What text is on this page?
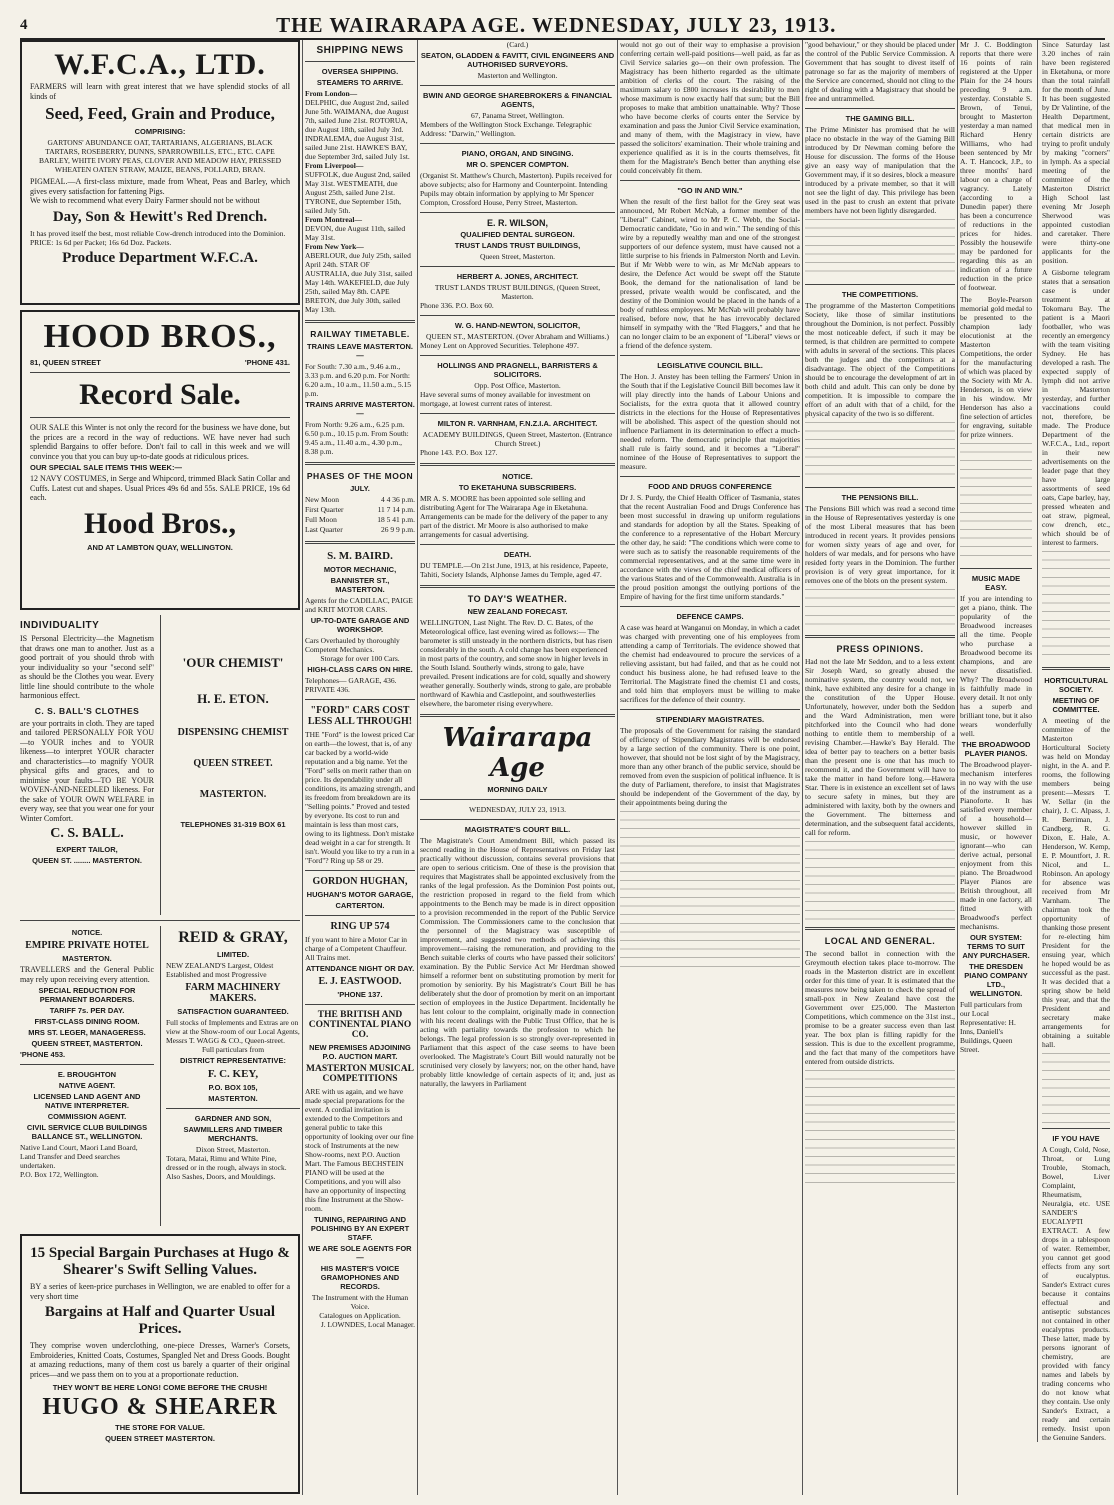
4	THE WAIRARAPA AGE. WEDNESDAY, JULY 23, 1913.
W.F.C.A., LTD.
FARMERS will learn with great interest that we have splendid stocks of all kinds of
Seed, Feed, Grain and Produce,
COMPRISING:
GARTONS' ABUNDANCE OAT, TARTARIANS, ALGERIANS, BLACK TARTARS, ROSEBERRY, DUNNS, SPARROWBILLS, ETC., ETC. CAPE BARLEY, WHITE IVORY PEAS, CLOVER AND MEADOW HAY, PRESSED WHEATEN OATEN STRAW, MAIZE, BEANS, POLLARD, BRAN.
PIGMEAL.—A first-class mixture, made from Wheat, Peas and Barley, which gives every satisfaction for fattening Pigs.
We wish to recommend what every Dairy Farmer should not be without
Day, Son & Hewitt's Red Drench.
It has proved itself the best, most reliable Cow-drench introduced into the Dominion. PRICE: 1s 6d per Packet; 16s 6d Doz. Packets.
Produce Department W.F.C.A.
HOOD BROS.,
81, QUEEN STREET	'PHONE 431.
Record Sale.
OUR SALE this Winter is not only the record for the business we have done, but the prices are a record in the way of reductions. WE have never had such splendid Bargains to offer before. Don't fail to call in this week and we will convince you that you can buy up-to-date goods at ridiculous prices.
OUR SPECIAL SALE ITEMS THIS WEEK:—
12 NAVY COSTUMES, in Serge and Whipcord, trimmed Black Satin Collar and Cuffs. Latest cut and shapes. Usual Prices 49s 6d and 55s. SALE PRICE, 19s 6d each.
Hood Bros.,
AND AT LAMBTON QUAY, WELLINGTON.
INDIVIDUALITY
IS Personal Electricity—the Magnetism that draws one man to another. Just as a good portrait of you should throb with your individuality so your "second self" as should be the Clothes you wear. Every little line should contribute to the whole harmonious effect.
C. S. BALL'S CLOTHES
are your portraits in cloth. They are taped and tailored PERSONALLY FOR YOU—to YOUR inches and to YOUR likeness—to interpret YOUR character and characteristics—to magnify YOUR physical gifts and graces, and to minimise your faults—TO BE YOUR WOVEN-AND-NEEDLED likeness. For the sake of YOUR OWN WELFARE in every way, see that you wear one for your Winter Comfort.
C. S. BALL.
EXPERT TAILOR,
QUEEN ST. ........ MASTERTON.
'OUR CHEMIST'
H. E. ETON.
DISPENSING CHEMIST
QUEEN STREET.
MASTERTON.
TELEPHONES 31-319 BOX 61
NOTICE.
EMPIRE PRIVATE HOTEL
MASTERTON.
TRAVELLERS and the General Public may rely upon receiving every attention.
SPECIAL REDUCTION FOR PERMANENT BOARDERS.
TARIFF 7s. PER DAY.
FIRST-CLASS DINING ROOM.
MRS ST. LEGER, MANAGERESS.
QUEEN STREET, MASTERTON.
'PHONE 453.
E. BROUGHTON
NATIVE AGENT.
LICENSED LAND AGENT AND NATIVE INTERPRETER.
COMMISSION AGENT.
CIVIL SERVICE CLUB BUILDINGS BALLANCE ST., WELLINGTON.
Native Land Court, Maori Land Board, Land Transfer and Deed searches undertaken.
P.O. Box 172, Wellington.
REID & GRAY,
LIMITED.
NEW ZEALAND'S Largest, Oldest Established and most Progressive
FARM MACHINERY MAKERS.
SATISFACTION GUARANTEED.
Full stocks of Implements and Extras are on view at the Show-room of our Local Agents, Messrs T. WAGG & CO., Queen-street.
Full particulars from
DISTRICT REPRESENTATIVE:
F. C. KEY,
P.O. BOX 105,
MASTERTON.
GARDNER AND SON,
SAWMILLERS AND TIMBER MERCHANTS.
Dixon Street, Masterton.
Totara, Matai, Rimu and White Pine, dressed or in the rough, always in stock. Also Sashes, Doors, and Mouldings.
15 Special Bargain Purchases at Hugo & Shearer's Swift Selling Values.
BY a series of keen-price purchases in Wellington, we are enabled to offer for a very short time
Bargains at Half and Quarter Usual Prices.
They comprise woven underclothing, one-piece Dresses, Warner's Corsets, Embroideries, Knitted Coats, Costumes, Spangled Net and Dress Goods. Bought at amazing reductions, many of them cost us barely a quarter of their original prices—and we pass them on to you at a proportionate reduction.
THEY WON'T BE HERE LONG! COME BEFORE THE CRUSH!
HUGO & SHEARER
THE STORE FOR VALUE.
QUEEN STREET MASTERTON.
SHIPPING NEWS
OVERSEA SHIPPING.
STEAMERS TO ARRIVE.
From London—
DELPHIC, due August 2nd, sailed June 5th. WAIMANA, due August 7th, sailed June 21st. ROTORUA, due August 18th, sailed July 3rd. INDRALEMA, due August 31st, sailed June 21st. HAWKE'S BAY, due September 3rd, sailed July 1st.
From Liverpool—
SUFFOLK, due August 2nd, sailed May 31st. WESTMEATH, due August 25th, sailed June 21st. TYRONE, due September 15th, sailed July 5th.
From Montreal—
DEVON, due August 11th, sailed May 31st.
From New York—
ABERLOUR, due July 25th, sailed April 24th. STAR OF AUSTRALIA, due July 31st, sailed May 14th. WAKEFIELD, due July 25th, sailed May 8th. CAPE BRETON, due July 30th, sailed May 13th.
RAILWAY TIMETABLE.
TRAINS LEAVE MASTERTON.—
For South: 7.30 a.m., 9.46 a.m., 3.33 p.m. and 6.20 p.m. For North: 6.20 a.m., 10 a.m., 11.50 a.m., 5.15 p.m.
TRAINS ARRIVE MASTERTON.—
From North: 9.26 a.m., 6.25 p.m. 6.50 p.m., 10.15 p.m. From South: 9.45 a.m., 11.40 a.m., 4.30 p.m., 8.38 p.m.
PHASES OF THE MOON
JULY.
New Moon	4 4 36 p.m.
First Quarter	11 7 14 p.m.
Full Moon	18 5 41 p.m.
Last Quarter	26 9 9 p.m.
S. M. BAIRD.
MOTOR MECHANIC,
BANNISTER ST., MASTERTON.
Agents for the CADILLAC, PAIGE and KRIT MOTOR CARS.
UP-TO-DATE GARAGE AND WORKSHOP.
Cars Overhauled by thoroughly Competent Mechanics.
Storage for over 100 Cars.
HIGH-CLASS CARS ON HIRE.
Telephones— GARAGE, 436. PRIVATE 436.
"FORD" CARS COST LESS ALL THROUGH!
THE "Ford" is the lowest priced Car on earth—the lowest, that is, of any car backed by a world-wide reputation and a big name. Yet the "Ford" sells on merit rather than on price. Its dependability under all conditions, its amazing strength, and its freedom from breakdown are its "Selling points." Proved and tested by everyone. Its cost to run and maintain is less than most cars, owing to its lightness. Don't mistake dead weight in a car for strength. It isn't. Would you like to try a run in a "Ford"? Ring up 58 or 29.
GORDON HUGHAN,
HUGHAN'S MOTOR GARAGE,
CARTERTON.
RING UP 574
If you want to hire a Motor Car in charge of a Competent Chauffeur. All Trains met.
ATTENDANCE NIGHT OR DAY.
E. J. EASTWOOD.
'PHONE 137.
THE BRITISH AND CONTINENTAL PIANO CO.
NEW PREMISES ADJOINING P.O. AUCTION MART.
MASTERTON MUSICAL COMPETITIONS
ARE with us again, and we have made special preparations for the event. A cordial invitation is extended to the Competitors and general public to take this opportunity of looking over our fine stock of Instruments at the new Show-rooms, next P.O. Auction Mart. The Famous BECHSTEIN PIANO will be used at the Competitions, and you will also have an opportunity of inspecting this fine Instrument at the Show-room.
TUNING, REPAIRING AND POLISHING BY AN EXPERT STAFF.
WE ARE SOLE AGENTS FOR—
HIS MASTER'S VOICE GRAMOPHONES AND RECORDS.
The Instrument with the Human Voice.
Catalogues on Application.
J. LOWNDES, Local Manager.
(Card.)
SEATON, GLADDEN & FAVITT, CIVIL ENGINEERS AND AUTHORISED SURVEYORS.
Masterton and Wellington.
BWIN AND GEORGE SHAREBROKERS & FINANCIAL AGENTS,
67, Panama Street, Wellington.
Members of the Wellington Stock Exchange. Telegraphic Address: "Darwin," Wellington.
PIANO, ORGAN, AND SINGING.
MR O. SPENCER COMPTON.
(Organist St. Matthew's Church, Masterton). Pupils received for above subjects; also for Harmony and Counterpoint. Intending Pupils may obtain information by applying to Mr Spencer Compton, Crossford House, Perry Street, Masterton.
E. R. WILSON,
QUALIFIED DENTAL SURGEON.
TRUST LANDS TRUST BUILDINGS,
Queen Street, Masterton.
HERBERT A. JONES, ARCHITECT.
TRUST LANDS TRUST BUILDINGS, (Queen Street, Masterton.
Phone 336. P.O. Box 60.
W. G. HAND-NEWTON, SOLICITOR,
QUEEN ST., MASTERTON. (Over Abraham and Williams.)
Money Lent on Approved Securities. Telephone 497.
HOLLINGS AND PRAGNELL, BARRISTERS & SOLICITORS.
Opp. Post Office, Masterton.
Have several sums of money available for investment on mortgage, at lowest current rates of interest.
MILTON R. VARNHAM, F.N.Z.I.A. ARCHITECT.
ACADEMY BUILDINGS, Queen Street, Masterton. (Entrance Church Street.)
Phone 143. P.O. Box 127.
NOTICE.
TO EKETAHUNA SUBSCRIBERS.
MR A. S. MOORE has been appointed sole selling and distributing Agent for The Wairarapa Age in Eketahuna. Arrangements can be made for the delivery of the paper to any part of the district. Mr Moore is also authorised to make arrangements for casual advertising.
DEATH.
DU TEMPLE.—On 21st June, 1913, at his residence, Papeete, Tahiti, Society Islands, Alphonse James du Temple, aged 47.
TO DAY'S WEATHER.
NEW ZEALAND FORECAST.
WELLINGTON, Last Night. The Rev. D. C. Bates, of the Meteorological office, last evening wired as follows:— The barometer is still unsteady in the northern districts, but has risen considerably in the south. A cold change has been experienced in most parts of the country, and some snow in higher levels in the South Island. Southerly winds, strong to gale, have prevailed. Present indications are for cold, squally and showery weather generally. Southerly winds, strong to gale, are probable northward of Kawhia and Castlepoint, and southwesterlies elsewhere, the barometer rising everywhere.
Wairarapa Age
MORNING DAILY
WEDNESDAY, JULY 23, 1913.
MAGISTRATE'S COURT BILL.
The Magistrate's Court Amendment Bill, which passed its second reading in the House of Representatives on Friday last practically without discussion, contains several provisions that are open to serious criticism. One of these is the provision that requires that Magistrates shall be appointed exclusively from the ranks of the legal profession. As the Dominion Post points out, the restriction proposed in regard to the field from which appointments to the Bench may be made is in direct opposition to a provision recommended in the report of the Public Service Commission. The Commissioners came to the conclusion that the personnel of the Magistracy was susceptible of improvement, and suggested two methods of achieving this improvement—raising the remuneration, and providing to the Bench suitable clerks of courts who have passed their solicitors' examination. By the Public Service Act Mr Herdman showed himself a reformer bent on substituting promotion by merit for promotion by seniority. By his Magistrate's Court Bill he has deliberately shut the door of promotion by merit on an important section of employees in the Justice Department. Incidentally he has lent colour to the complaint, originally made in connection with his recent dealings with the Public Trust Office, that he is acting with partiality towards the profession to which he belongs. The legal profession is so strongly over-represented in Parliament that this aspect of the case seems to have been overlooked. The Magistrate's Court Bill would naturally not be scrutinised very closely by lawyers; nor, on the other hand, have probably little knowledge of certain aspects of it; and, just as naturally, the lawyers in Parliament
would not go out of their way to emphasise a provision conferring certain well-paid positions—well paid, as far as Civil Service salaries go—on their own profession. The Magistracy has been hitherto regarded as the ultimate ambition of clerks of the court. The raising of the maximum salary to £800 increases its desirability to men whose maximum is now exactly half that sum; but the Bill proposes to make that ambition unattainable. Why? Those who have become clerks of courts enter the Service by examination and pass the Junior Civil Service examination, and many of them, with the Magistracy in view, have passed the solicitors' examination. Their whole training and experience qualified as it is in the courts themselves, fit them for the Magistrate's Bench better than anything else could conceivably fit them.
"GO IN AND WIN."
When the result of the first ballot for the Grey seat was announced, Mr Robert McNab, a former member of the "Liberal" Cabinet, wired to Mr P. C. Webb, the Social-Democratic candidate, "Go in and win." The sending of this wire by a reputedly wealthy man and one of the strongest supporters of our defence system, must have caused not a little surprise to his friends in Palmerston North and Levin. But if Mr Webb were to win, as Mr McNab appears to desire, the Defence Act would be swept off the Statute Book, the demand for the nationalisation of land be pressed, private wealth would be confiscated, and the destiny of the Dominion would be placed in the hands of a body of ruthless employees. Mr McNab will probably have realised, before now, that he has irrevocably declared himself in sympathy with the "Red Flaggers," and that he can no longer claim to be an exponent of "Liberal" views or a friend of the defence system.
LEGISLATIVE COUNCIL BILL.
The Hon. J. Anstey has been telling the Farmers' Union in the South that if the Legislative Council Bill becomes law it will play directly into the hands of Labour Unions and Socialists, for the extra quota that it allowed country districts in the elections for the House of Representatives will be abolished. This aspect of the question should not influence Parliament in its determination to effect a much-needed reform. The democratic principle that majorities shall rule is fairly sound, and it becomes a "Liberal" nominee of the House of Representatives to support the measure.
FOOD AND DRUGS CONFERENCE
Dr J. S. Purdy, the Chief Health Officer of Tasmania, states that the recent Australian Food and Drugs Conference has been most successful in drawing up uniform regulations and standards for adoption by all the States. Speaking of the conference to a representative of the Hobart Mercury the other day, he said: "The conditions which were come to were such as to satisfy the reasonable requirements of the commercial representatives, and at the same time were in accordance with the views of the chief medical officers of the various States and of the Commonwealth. Australia is in the proud position amongst the outlying portions of the Empire of having for the first time uniform standards."
DEFENCE CAMPS.
A case was heard at Wanganui on Monday, in which a cadet was charged with preventing one of his employees from attending a camp of Territorials. The evidence showed that the chemist had endeavoured to procure the services of a relieving assistant, but had failed, and that as he could not conduct his business alone, he had refused leave to the Territorial. The Magistrate fined the chemist £1 and costs, and told him that employers must be willing to make sacrifices for the defence of their country.
STIPENDIARY MAGISTRATES.
The proposals of the Government for raising the standard of efficiency of Stipendiary Magistrates will be endorsed by a large section of the community. There is one point, however, that should not be lost sight of by the Magistracy, more than any other branch of the public service, should be removed from even the suspicion of political influence. It is the duty of Parliament, therefore, to insist that Magistrates should be independent of the Government of the day, by their appointments being during the
"good behaviour," or they should be placed under the control of the Public Service Commission. A Government that has sought to divest itself of patronage so far as the majority of members of the Service are concerned, should not cling to the right of dealing with a Magistracy that should be free and untrammelled.
THE GAMING BILL.
The Prime Minister has promised that he will place no obstacle in the way of the Gaming Bill introduced by Dr Newman coming before the House for discussion. The forms of the House give an easy way of manipulation that the Government may, if it so desires, block a measure introduced by a private member, so that it will not see the light of day. This privilege has been used in the past to crush an extent that private members have not been lightly disregarded.
THE COMPETITIONS.
The programme of the Masterton Competitions Society, like those of similar institutions throughout the Dominion, is not perfect. Possibly the most noticeable defect, if such it may be termed, is that children are permitted to compete with adults in several of the sections. This places both the judges and the competitors at a disadvantage. The object of the Competitions should be to encourage the development of art in both child and adult. This can only be done by competition. It is impossible to compare the effort of an adult with that of a child, for the physical capacity of the two is so different.
THE PENSIONS BILL.
The Pensions Bill which was read a second time in the House of Representatives yesterday is one of the most Liberal measures that has been introduced in recent years. It provides pensions for women sixty years of age and over, for holders of war medals, and for persons who have resided forty years in the Dominion. The further provision is of very great importance, for it removes one of the blots on the present system.
PRESS OPINIONS.
Had not the late Mr Seddon, and to a less extent Sir Joseph Ward, so greatly abused the nominative system, the country would not, we think, have exhibited any desire for a change in the constitution of the Upper House. Unfortunately, however, under both the Seddon and the Ward Administration, men were pitchforked into the Council who had done nothing to entitle them to membership of a revising Chamber.—Hawke's Bay Herald. The idea of better pay to teachers on a better basis than the present one is one that has much to recommend it, and the Government will have to take the matter in hand before long.—Hawera Star. There is in existence an excellent set of laws to secure safety in mines, but they are administered with laxity, both by the owners and the Government. The bitterness and determination, and the subsequent fatal accidents, call for reform.
LOCAL AND GENERAL.
The second ballot in connection with the Greymouth election takes place to-morrow. The roads in the Masterton district are in excellent order for this time of year. It is estimated that the measures now being taken to check the spread of small-pox in New Zealand have cost the Government over £25,000. The Masterton Competitions, which commence on the 31st inst., promise to be a greater success even than last year. The box plan is filling rapidly for the session. This is due to the excellent programme, and the fact that many of the competitors have entered from outside districts.
Mr J. C. Boddington reports that there were 16 points of rain registered at the Upper Plain for the 24 hours preceding 9 a.m. yesterday. Constable S. Brown, of Tenui, brought to Masterton yesterday a man named Richard Henry Williams, who had been sentenced by Mr A. T. Hancock, J.P., to three months' hard labour on a charge of vagrancy. Lately (according to a Dunedin paper) there has been a concurrence of reductions in the prices for hides. Possibly the housewife may be pardoned for regarding this as an indication of a future reduction in the price of footwear.
The Boyle-Pearson memorial gold medal to be presented to the champion lady elocutionist at the Masterton Competitions, the order for the manufacturing of which was placed by the Society with Mr A. Henderson, is on view in his window. Mr Henderson has also a fine selection of articles for engraving, suitable for prize winners.
MUSIC MADE EASY.
If you are intending to get a piano, think. The popularity of the Broadwood increases all the time. People who purchase a Broadwood become its champions, and are never dissatisfied. Why? The Broadwood is faithfully made in every detail. It not only has a superb and brilliant tone, but it also wears wonderfully well.
THE BROADWOOD PLAYER PIANOS.
The Broadwood player-mechanism interferes in no way with the use of the instrument as a Pianoforte. It has satisfied every member of a household—however skilled in music, or however ignorant—who can derive actual, personal enjoyment from this piano. The Broadwood Player Pianos are British throughout, all made in one factory, all fitted with Broadwood's perfect mechanisms.
OUR SYSTEM: TERMS TO SUIT ANY PURCHASER.
THE DRESDEN PIANO COMPANY LTD., WELLINGTON.
Full particulars from our Local Representative: H. Inns, Daniell's Buildings, Queen Street.
Since Saturday last 3.20 inches of rain have been registered in Eketahuna, or more than the total rainfall for the month of June. It has been suggested by Dr Valintine, of the Health Department, that medical men in certain districts are trying to profit unduly by making "corners" in lymph. As a special meeting of the committee of the Masterton District High School last evening Mr Joseph Sherwood was appointed custodian and caretaker. There were thirty-one applicants for the position.
A Gisborne telegram states that a sensation case is under treatment at Tokomaru Bay. The patient is a Maori footballer, who was recently an emergency with the team visiting Sydney. He has developed a rash. The expected supply of lymph did not arrive in Masterton yesterday, and further vaccinations could not, therefore, be made. The Produce Department of the W.F.C.A., Ltd., report in their new advertisements on the leader page that they have large assortments of seed oats, Cape barley, hay, pressed wheaten and oat straw, pigmeal, cow drench, etc., which should be of interest to farmers.
HORTICULTURAL SOCIETY.
MEETING OF COMMITTEE.
A meeting of the committee of the Masterton Horticultural Society was held on Monday night, in the A. and P. rooms, the following members being present:—Messrs T. W. Sellar (in the chair), J. C. Alpass, J. R. Berriman, J. Candberg, R. G. Dixon, E. Hale, A. Henderson, W. Kemp, E. P. Mountfort, J. R. Nicol, and L. Robinson. An apology for absence was received from Mr Varnham. The chairman took the opportunity of thanking those present for re-electing him President for the ensuing year, which he hoped would be as successful as the past. It was decided that a spring show be held this year, and that the President and secretary make arrangements for obtaining a suitable hall.
IF YOU HAVE
A Cough, Cold, Nose, Throat, or Lung Trouble, Stomach, Bowel, Liver Complaint, Rheumatism, Neuralgia, etc. USE SANDER'S EUCALYPTI EXTRACT. A few drops in a tablespoon of water. Remember, you cannot get good effects from any sort of eucalyptus. Sander's Extract cures because it contains effectual and antiseptic substances not contained in other eucalyptus products. These latter, made by persons ignorant of chemistry, are provided with fancy names and labels by trading concerns who do not know what they contain. Use only Sander's Extract, a ready and certain remedy. Insist upon the Genuine Sanders.
